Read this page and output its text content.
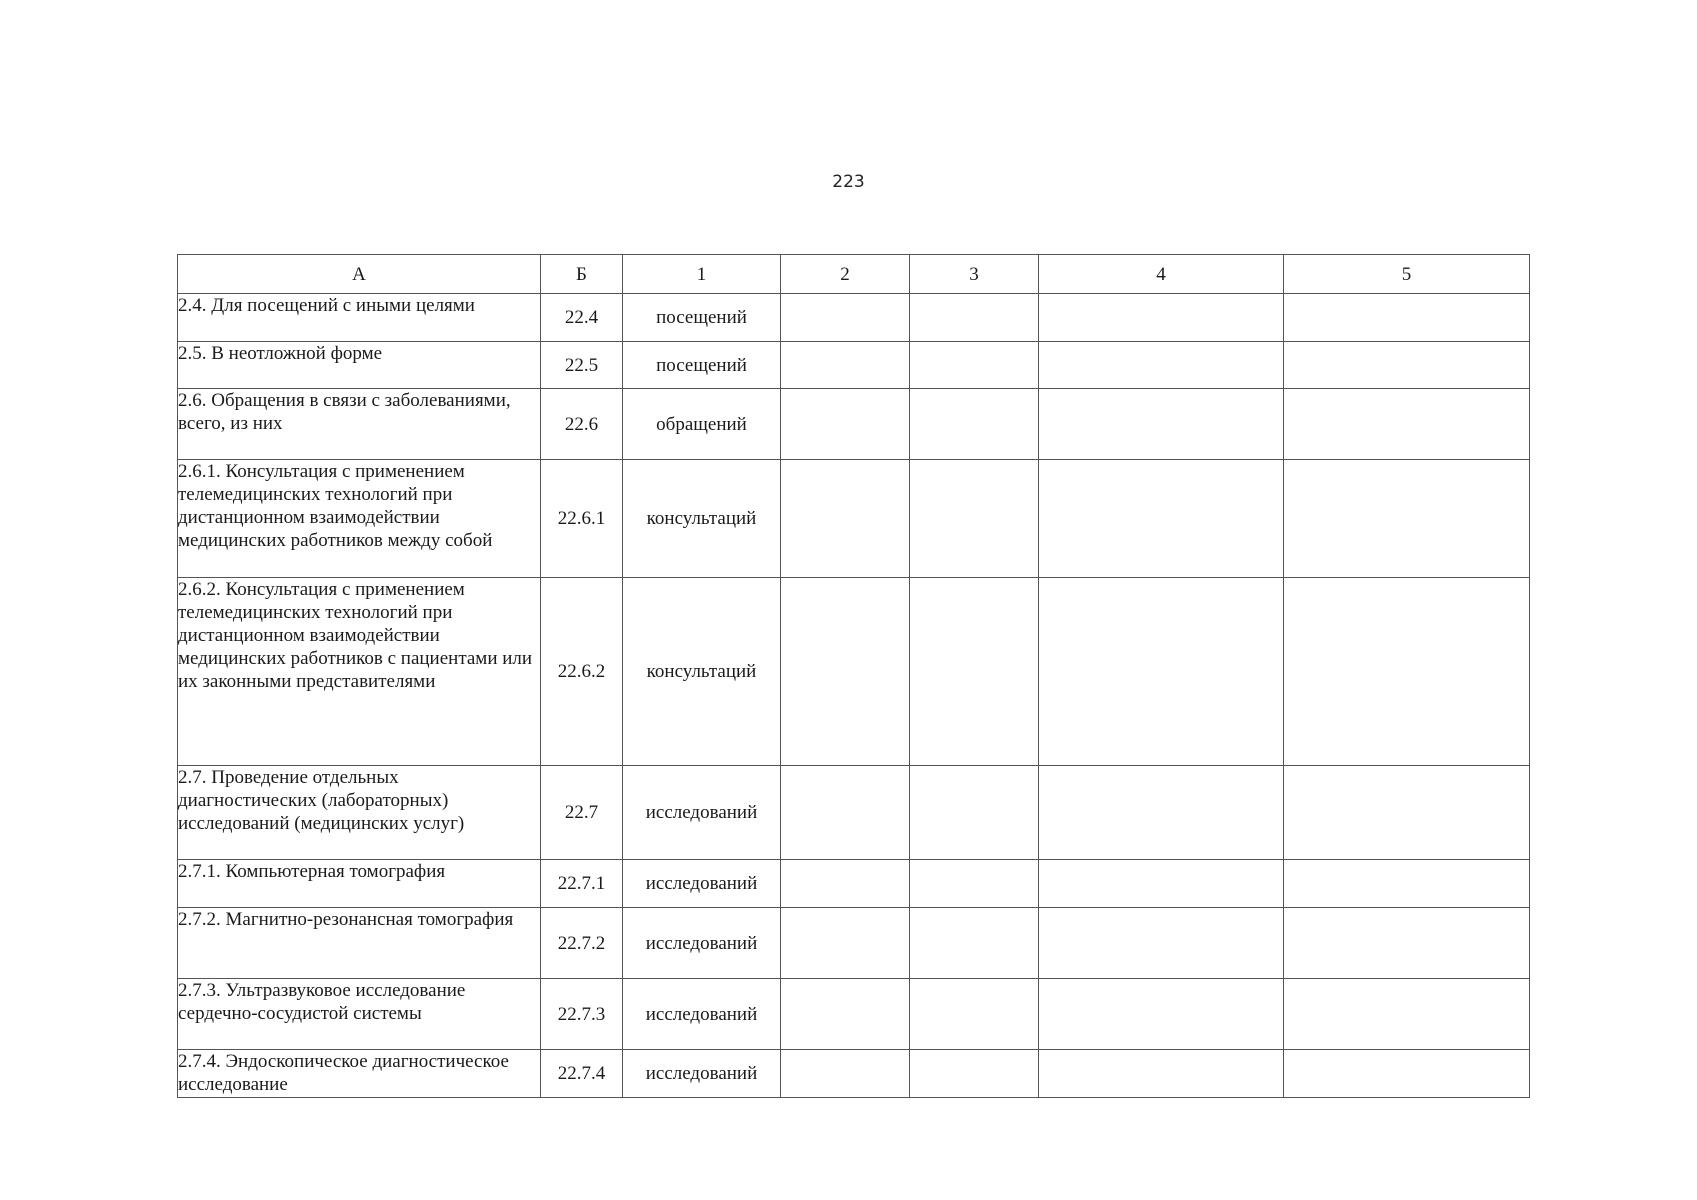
223
А	Б	1	2	3	4	5
2.4. Для посещений с иными целями	22.4	посещений				
2.5. В неотложной форме	22.5	посещений				
2.6. Обращения в связи с заболеваниями, всего, из них	22.6	обращений				
2.6.1. Консультация с применением телемедицинских технологий при дистанционном взаимодействии медицинских работников между собой	22.6.1	консультаций				
2.6.2. Консультация с применением телемедицинских технологий при дистанционном взаимодействии медицинских работников с пациентами или их законными представителями	22.6.2	консультаций				
2.7. Проведение отдельных диагностических (лабораторных) исследований (медицинских услуг)	22.7	исследований				
2.7.1. Компьютерная томография	22.7.1	исследований				
2.7.2. Магнитно-резонансная томография	22.7.2	исследований				
2.7.3. Ультразвуковое исследование сердечно-сосудистой системы	22.7.3	исследований				
2.7.4. Эндоскопическое диагностическое исследование	22.7.4	исследований				
